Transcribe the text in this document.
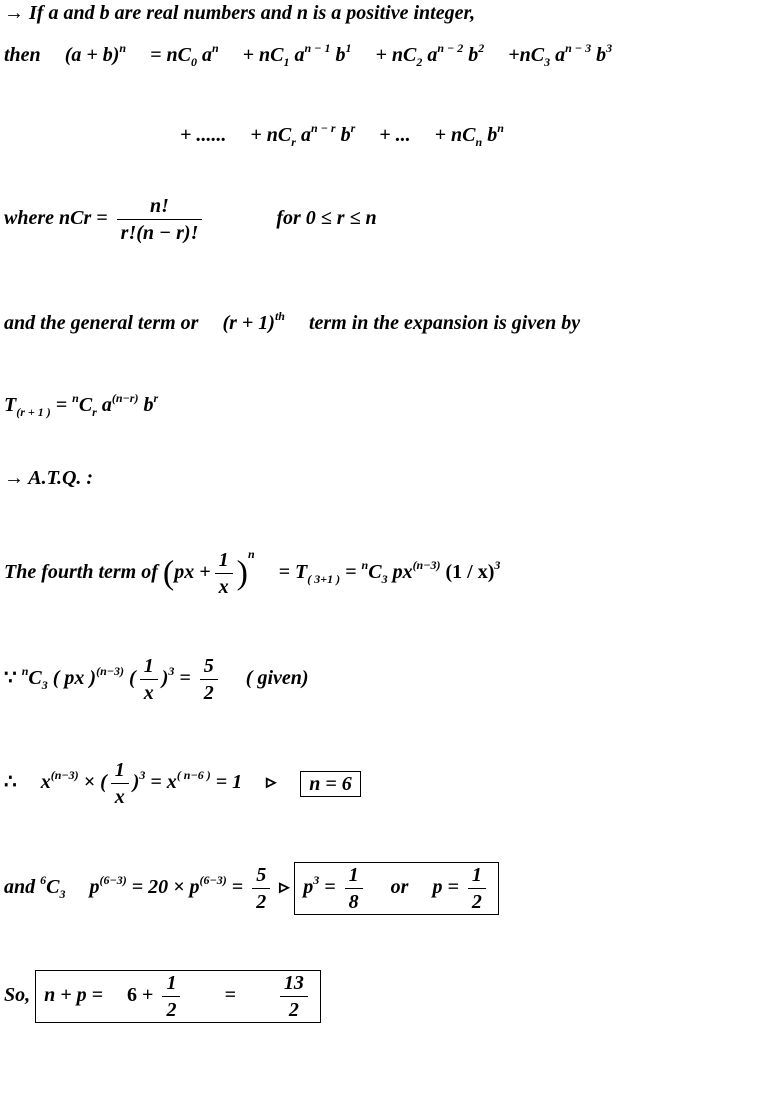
→ If a and b are real numbers and n is a positive integer,
then $(a + b)^n = nC_0$ $a^n + nC_1$ $a^{n - 1}$ $b^1 + nC_2$ $a^{n - 2}$ $b^2 +nC_3$ $a^{n - 3}$ $b^3$
+ ...... + $nC_r$ $a^{n - r}$ $b^r$ + ... + $nC_n$ $b^n$
where nCr = $\frac{n!}{r!(n - r)!}$	for 0 ≤ r ≤ n
and the general term or $(r + 1)^{th}$ term in the expansion is given by
$T_{(r + 1 )} = ^nC_r$ $a^{(n-r)}$ $b^r$
→ A.T.Q. :
The fourth term of $(px + \frac{1}{x} )^n = T_{( 3+1 )} = ^nC_3$ $px^{(n-3)}$ (1 / x)$^3$
∵ $^nC_3$ ( px )$^{(n-3)}$ ( $\frac{1}{x} )^3 = \frac{5}{2}$ ( given)
∴ $x^{(n-3)}$ × ( $\frac{1}{x} )^3 = x^{( n-6 )} = 1$ ▹ n = 6
and $^6C_3$ $p^{(6-3)} = 20 \times p^{(6-3)} = \frac{5}{2}$ ▹ $p^3 = \frac{1}{8}$ or $p = \frac{1}{2}$
So, $n + p = 6 + \frac{1}{2} = \frac{13}{2}$
